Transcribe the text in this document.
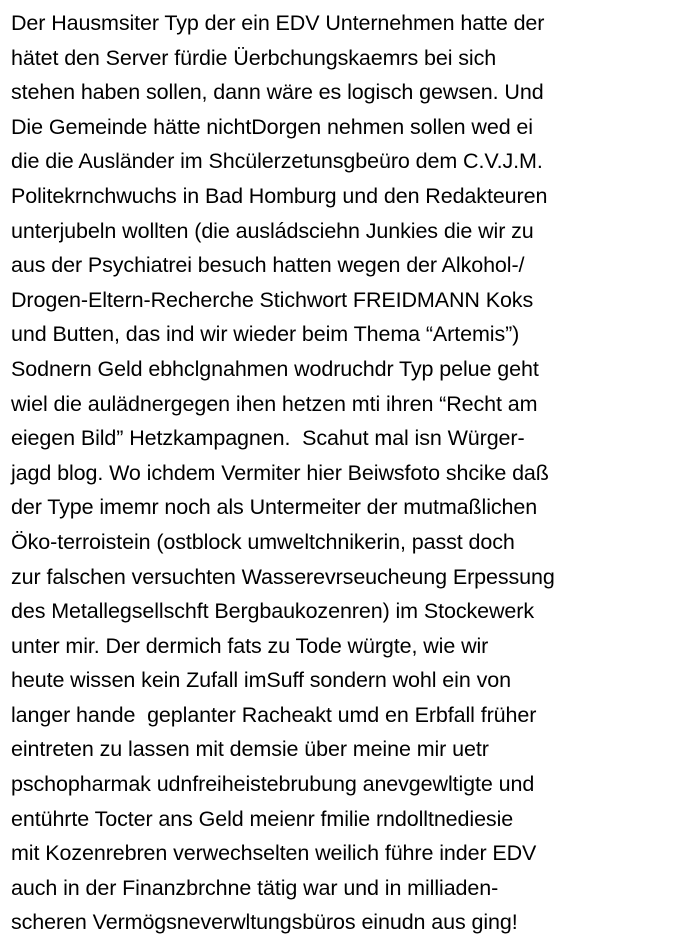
Der Hausmsiter Typ der ein EDV Unternehmen hatte der
hätet den Server fürdie Üerbchungskaemrs bei sich
stehen haben sollen, dann wäre es logisch gewsen. Und
Die Gemeinde hätte nichtDorgen nehmen sollen wed ei
die die Ausländer im Shcülerzetunsgbeüro dem C.V.J.M.
Politekrnchwuchs in Bad Homburg und den Redakteuren
unterjubeln wollten (die ausládsciehn Junkies die wir zu
aus der Psychiatrei besuch hatten wegen der Alkohol-/
Drogen-Eltern-Recherche Stichwort FREIDMANN Koks
und Butten, das ind wir wieder beim Thema “Artemis”)
Sodnern Geld ebhclgnahmen wodruchdr Typ pelue geht
wiel die aulädnergegen ihen hetzen mti ihren “Recht am
eiegen Bild” Hetzkampagnen.  Scahut mal isn Würger-
jagd blog. Wo ichdem Vermiter hier Beiwsfoto shcike daß
der Type imemr noch als Untermeiter der mutmaßlichen
Öko-terroistein (ostblock umweltchnikerin, passt doch
zur falschen versuchten Wasserevrseucheung Erpessung
des Metallegsellschft Bergbaukozenren) im Stockewerk
unter mir. Der dermich fats zu Tode würgte, wie wir
heute wissen kein Zufall imSuff sondern wohl ein von
langer hande  geplanter Racheakt umd en Erbfall früher
eintreten zu lassen mit demsie über meine mir uetr
pschopharmak udnfreiheistebrubung anevgewltigte und
entührte Tocter ans Geld meienr fmilie rndolltnediesie
mit Kozenrebren verwechselten weilich führe inder EDV
auch in der Finanzbrchne tätig war und in milliaden-
scheren Vermögsneverwltungsbüros einudn aus ging!
